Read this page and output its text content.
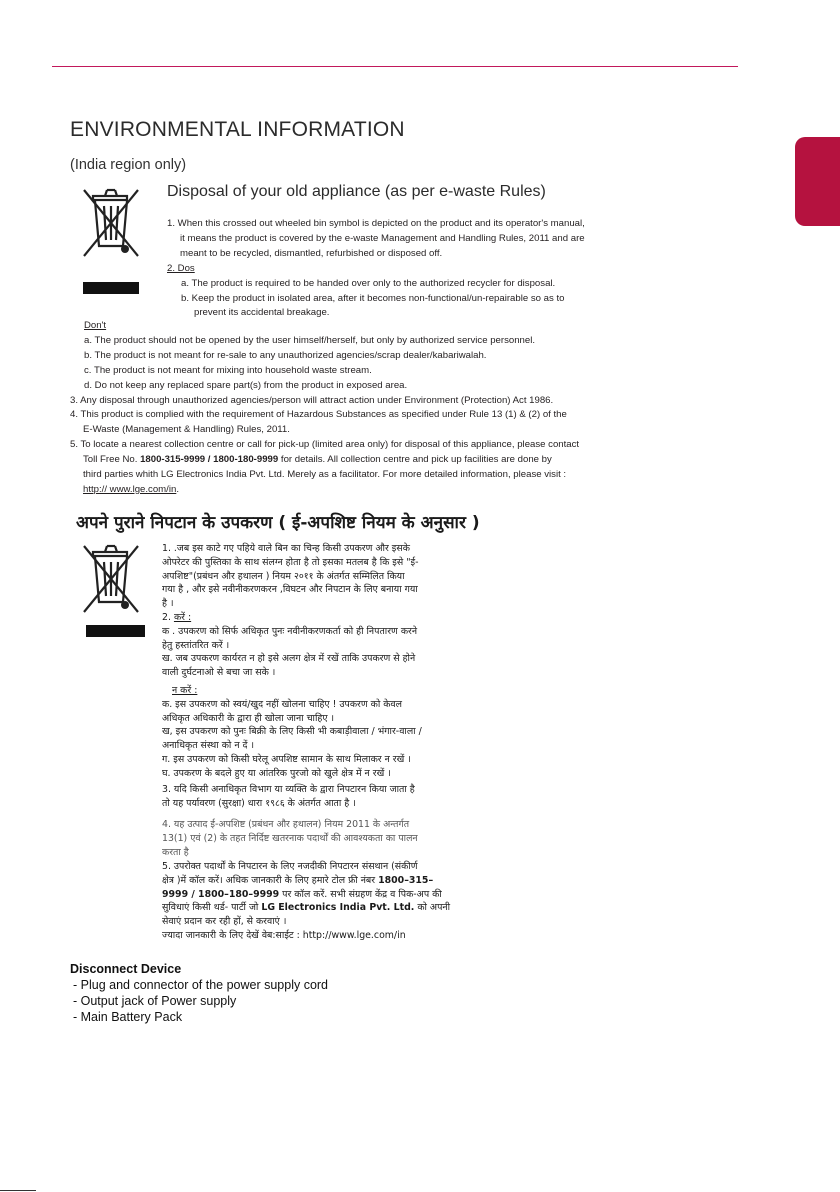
ENVIRONMENTAL INFORMATION
(India region only)
Disposal of your old appliance (as per e-waste Rules)
1. When this crossed out wheeled bin symbol is depicted on the product and its operator's manual,
it means the product is covered by the e-waste Management and Handling Rules, 2011 and are
meant to be recycled, dismantled, refurbished or disposed off.
2. Dos
a. The product is required to be handed over only to the authorized recycler for disposal.
b. Keep the product in isolated area, after it becomes non-functional/un-repairable so as to
prevent its accidental breakage.
Don't
a. The product should not be opened by the user himself/herself, but only by authorized service personnel.
b. The product is not meant for re-sale to any unauthorized agencies/scrap dealer/kabariwalah.
c. The product is not meant for mixing into household waste stream.
d. Do not keep any replaced spare part(s) from the product in exposed area.
3. Any disposal through unauthorized agencies/person will attract action under Environment (Protection) Act 1986.
4. This product is complied with the requirement of Hazardous Substances as specified under Rule 13 (1) & (2) of the
E-Waste (Management & Handling) Rules, 2011.
5. To locate a nearest collection centre or call for pick-up (limited area only) for disposal of this appliance, please contact
Toll Free No. 1800-315-9999 / 1800-180-9999 for details. All collection centre and pick up facilities are done by
third parties whith LG Electronics India Pvt. Ltd. Merely as a facilitator. For more detailed information, please visit :
http:// www.lge.com/in.
अपने पुराने निपटान के उपकरण ( ई-अपशिष्ट नियम के अनुसार )
1. .जब इस काटे गए पहिये वाले बिन का चिन्ह किसी उपकरण और इसके
ओपरेटर की पुस्तिका के साथ संलग्न होता है तो इसका मतलब है कि इसे "ई-
अपशिष्ट"(प्रबंधन और हथालन ) नियम २०११ के अंतर्गत सम्मिलित किया
गया है , और इसे नवीनीकरणकरन ,विघटन और निपटान के लिए बनाया गया
है ।
2. करें :
क . उपकरण को सिर्फ अधिकृत पुनः नवीनीकरणकर्ता को ही निपतारण करने
हेतु हस्तांतरित करें ।
ख. जब उपकरण कार्यरत न हो इसे अलग क्षेत्र में रखें ताकि उपकरण से होने
वाली दुर्घटनाओ से बचा जा सके ।
न करें :
क. इस उपकरण को स्वयं/खुद नहीं खोलना चाहिए ! उपकरण को केवल
अधिकृत अधिकारी के द्वारा ही खोला जाना चाहिए ।
ख, इस उपकरण को पुनः बिक्री के लिए किसी भी कबाड़ीवाला / भंगार-वाला /
अनाधिकृत संस्था को न दें ।
ग. इस उपकरण को किसी घरेलू अपशिष्ट सामान के साथ मिलाकर न रखें ।
घ. उपकरण के बदले हुए या आंतरिक पुरजो को खुले क्षेत्र में न रखें ।
3. यदि किसी अनाधिकृत विभाग या व्यक्ति के द्वारा निपटारन किया जाता है
तो यह पर्यावरण (सुरक्षा) धारा १९८६ के अंतर्गत आता है ।
4. यह उत्पाद ई-अपशिष्ट (प्रबंधन और हथालन) नियम 2011 के अन्तर्गत
13(1) एवं (2) के तहत निर्दिष्ट खतरनाक पदार्थों की आवश्यकता का पालन
करता है
5. उपरोक्त पदार्थों के निपटारन के लिए नजदीकी निपटारन संसथान (संकीर्ण
क्षेत्र )में कॉल करें। अधिक जानकारी के लिए हमारे टोल फ्री नंबर 1800–315–
9999 / 1800–180–9999 पर कॉल करें. सभी संग्रहण केंद्र व पिक-अप की
सुविधाएं किसी थर्ड- पार्टी जो LG Electronics India Pvt. Ltd. को अपनी
सेवाएं प्रदान कर रही हों, से करवाएं ।
ज्यादा जानकारी के लिए देखें वेब:साईट : http://www.lge.com/in
Disconnect Device
- Plug and connector of the power supply cord
- Output jack of Power supply
- Main Battery Pack
